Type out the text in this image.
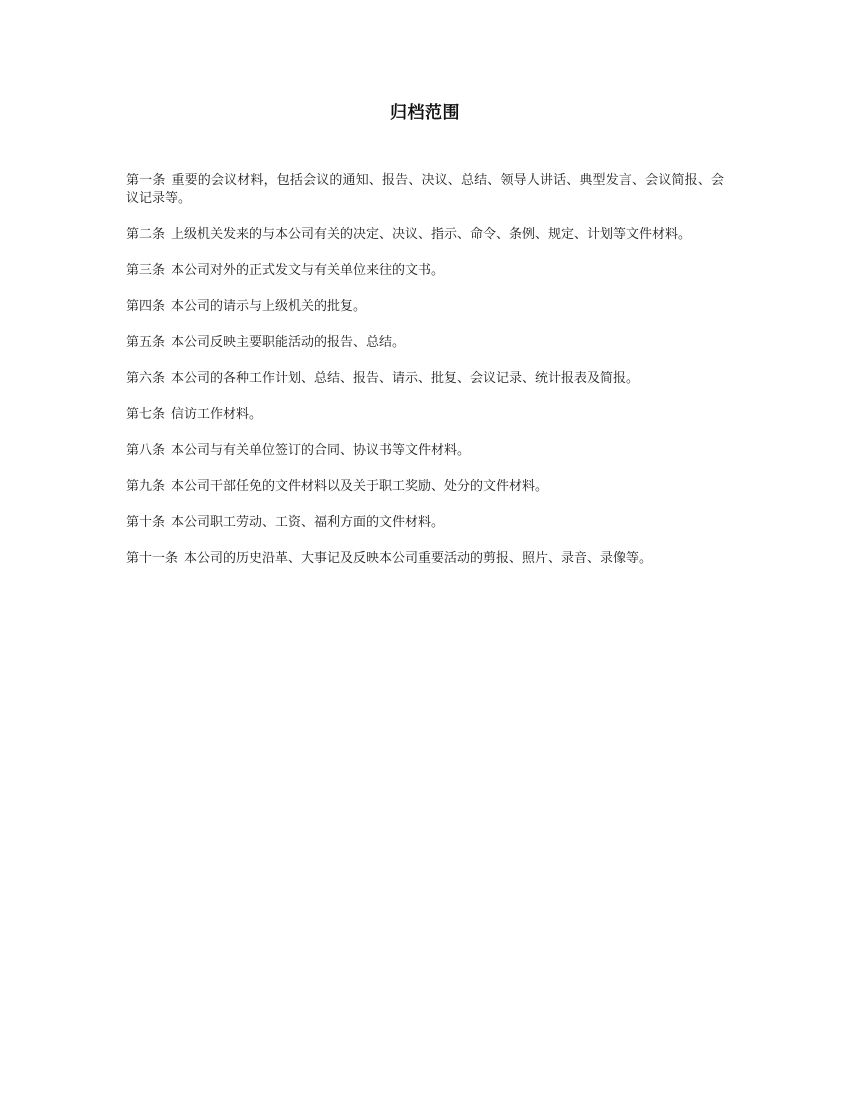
归档范围
第一条 重要的会议材料，包括会议的通知、报告、决议、总结、领导人讲话、典型发言、会议简报、会议记录等。
第二条 上级机关发来的与本公司有关的决定、决议、指示、命令、条例、规定、计划等文件材料。
第三条 本公司对外的正式发文与有关单位来往的文书。
第四条 本公司的请示与上级机关的批复。
第五条 本公司反映主要职能活动的报告、总结。
第六条 本公司的各种工作计划、总结、报告、请示、批复、会议记录、统计报表及简报。
第七条 信访工作材料。
第八条 本公司与有关单位签订的合同、协议书等文件材料。
第九条 本公司干部任免的文件材料以及关于职工奖励、处分的文件材料。
第十条 本公司职工劳动、工资、福利方面的文件材料。
第十一条 本公司的历史沿革、大事记及反映本公司重要活动的剪报、照片、录音、录像等。
